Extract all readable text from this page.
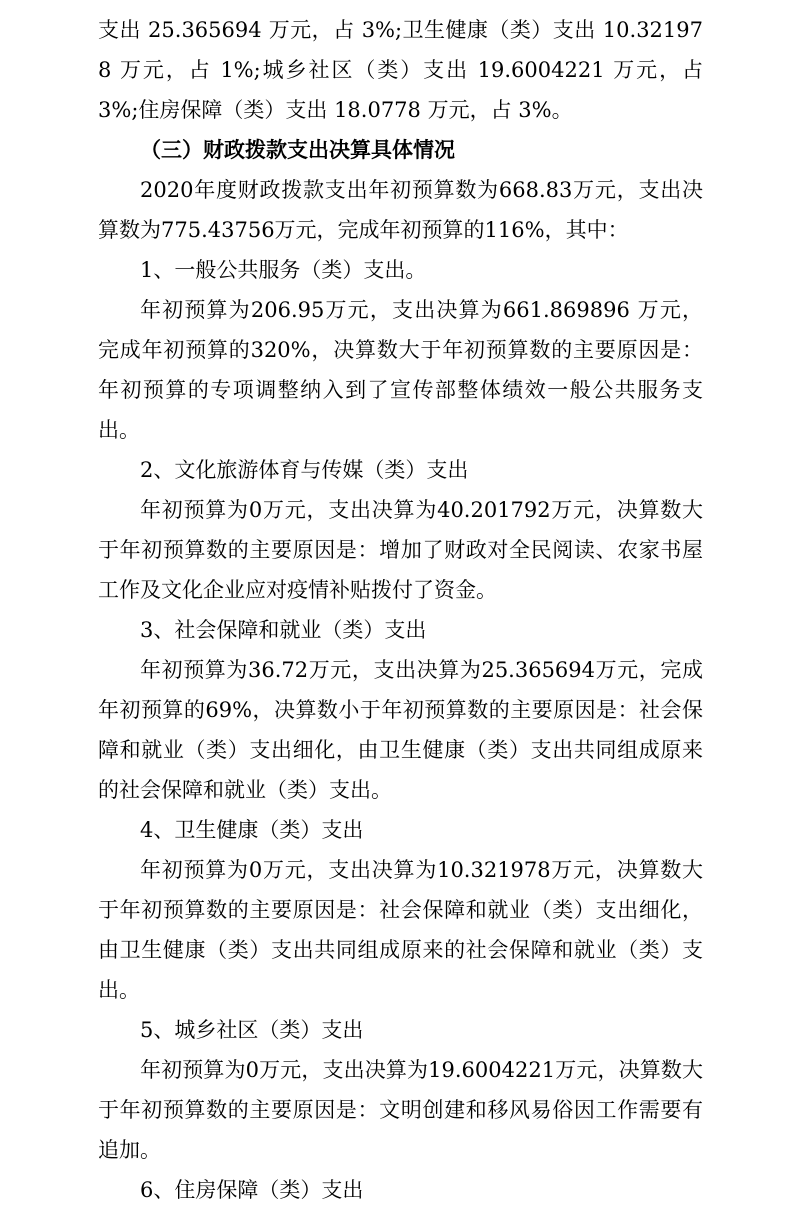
支出 25.365694 万元，占 3%;卫生健康（类）支出 10.321978 万元，占 1%;城乡社区（类）支出 19.6004221 万元，占 3%;住房保障（类）支出 18.0778 万元，占 3%。

（三）财政拨款支出决算具体情况

2020年度财政拨款支出年初预算数为668.83万元，支出决算数为775.43756万元，完成年初预算的116%，其中：

1、一般公共服务（类）支出。

年初预算为206.95万元，支出决算为661.869896 万元，完成年初预算的320%，决算数大于年初预算数的主要原因是：年初预算的专项调整纳入到了宣传部整体绩效一般公共服务支出。

2、文化旅游体育与传媒（类）支出

年初预算为0万元，支出决算为40.201792万元，决算数大于年初预算数的主要原因是：增加了财政对全民阅读、农家书屋工作及文化企业应对疫情补贴拨付了资金。

3、社会保障和就业（类）支出

年初预算为36.72万元，支出决算为25.365694万元，完成年初预算的69%，决算数小于年初预算数的主要原因是：社会保障和就业（类）支出细化，由卫生健康（类）支出共同组成原来的社会保障和就业（类）支出。

4、卫生健康（类）支出

年初预算为0万元，支出决算为10.321978万元，决算数大于年初预算数的主要原因是：社会保障和就业（类）支出细化，由卫生健康（类）支出共同组成原来的社会保障和就业（类）支出。

5、城乡社区（类）支出

年初预算为0万元，支出决算为19.6004221万元，决算数大于年初预算数的主要原因是：文明创建和移风易俗因工作需要有追加。

6、住房保障（类）支出
